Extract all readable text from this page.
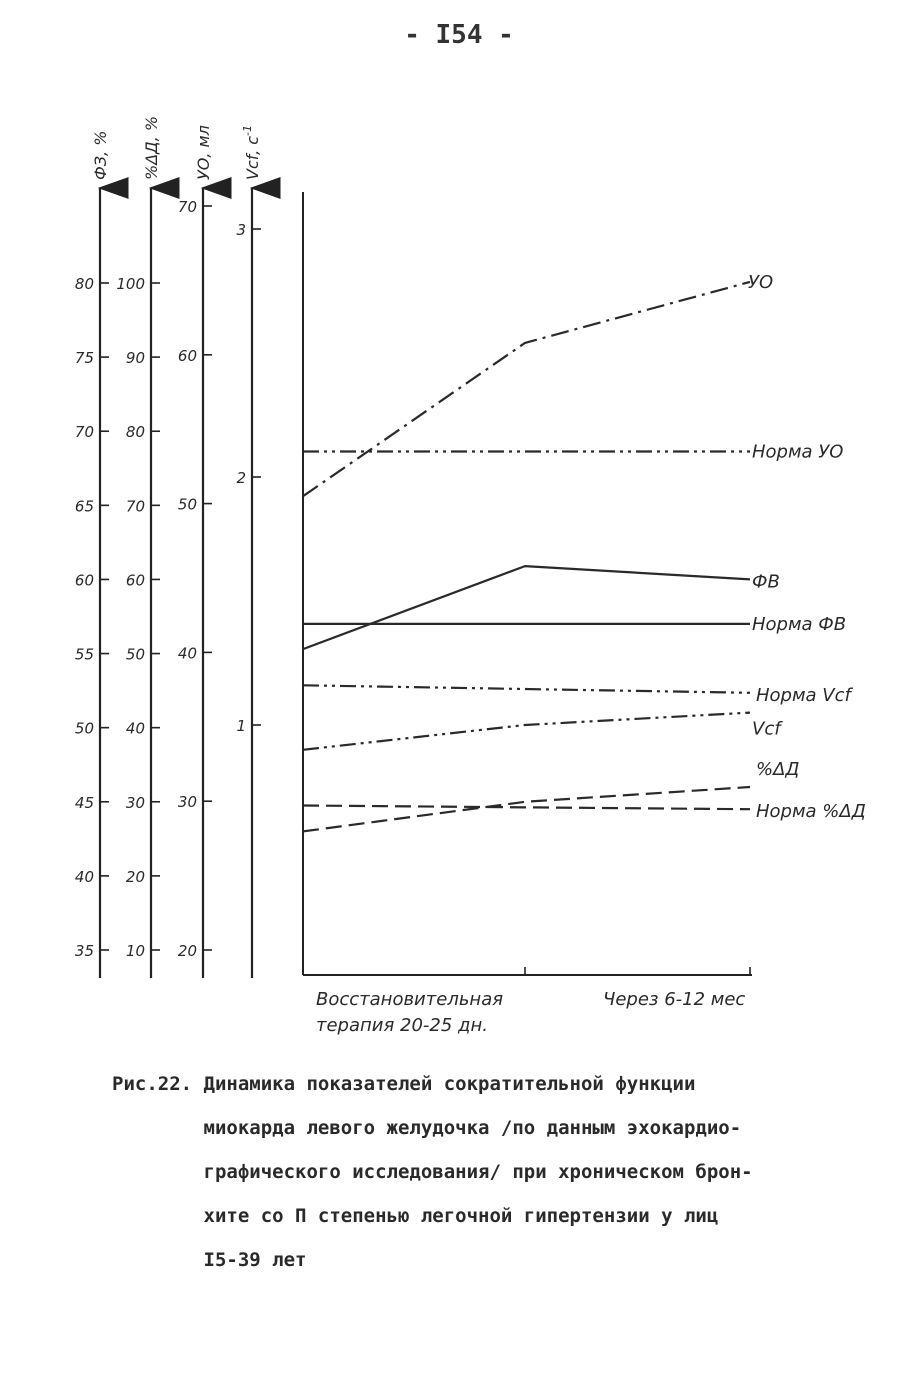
- I54 -
ФЗ, %
35
40
45
50
55
60
65
70
75
80
%ΔД, %
10
20
30
40
50
60
70
80
90
100
УО, мл
20
30
40
50
60
70
Vcf, $c^{-1}$
1
2
3
Восстановительная
терапия 20-25 дн.
Через 6-12 мес
УО
Норма УО
ФВ
Норма ФВ
Норма Vcf
Vcf
%ΔД
Норма %ΔД
Рис.22. Динамика показателей сократительной функции
миокарда левого желудочка /по данным эхокардио-
графического исследования/ при хроническом брон-
хите со П степенью легочной гипертензии у лиц
I5-39 лет
